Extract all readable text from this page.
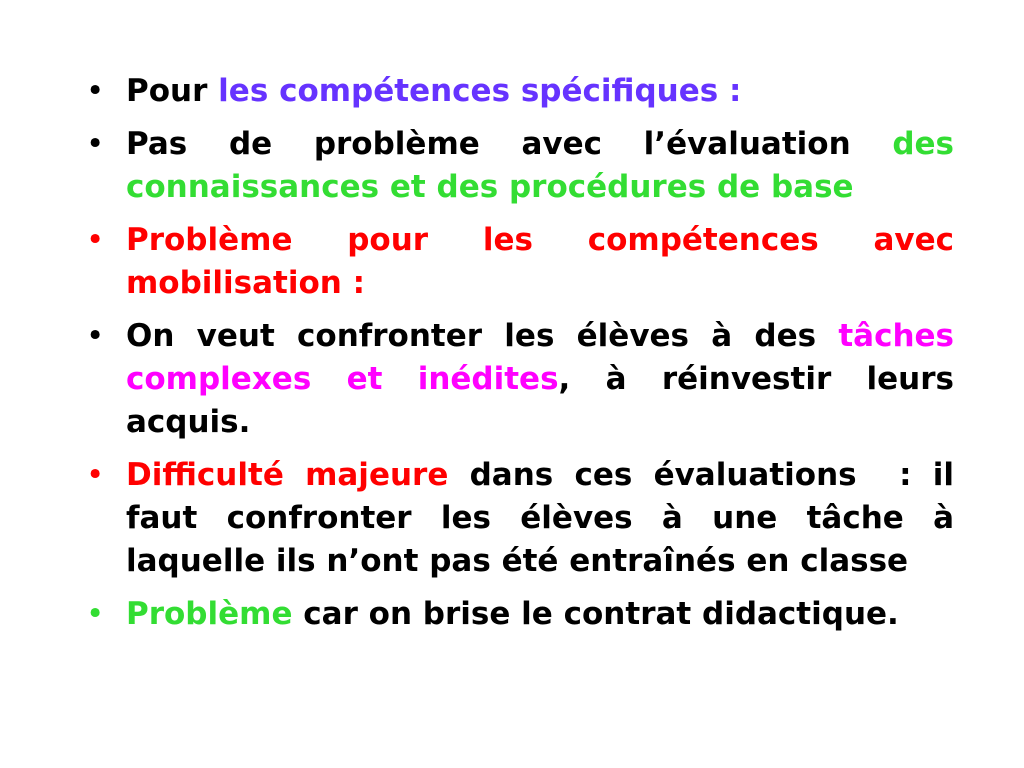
• Pour les compétences spécifiques :
• Pas de problème avec l’évaluation des connaissances et des procédures de base
• Problème pour les compétences avec mobilisation :
• On veut confronter les élèves à des tâches complexes et inédites, à réinvestir leurs acquis.
• Difficulté majeure dans ces évaluations  : il faut confronter les élèves à une tâche à laquelle ils n’ont pas été entraînés en classe
• Problème car on brise le contrat didactique.
